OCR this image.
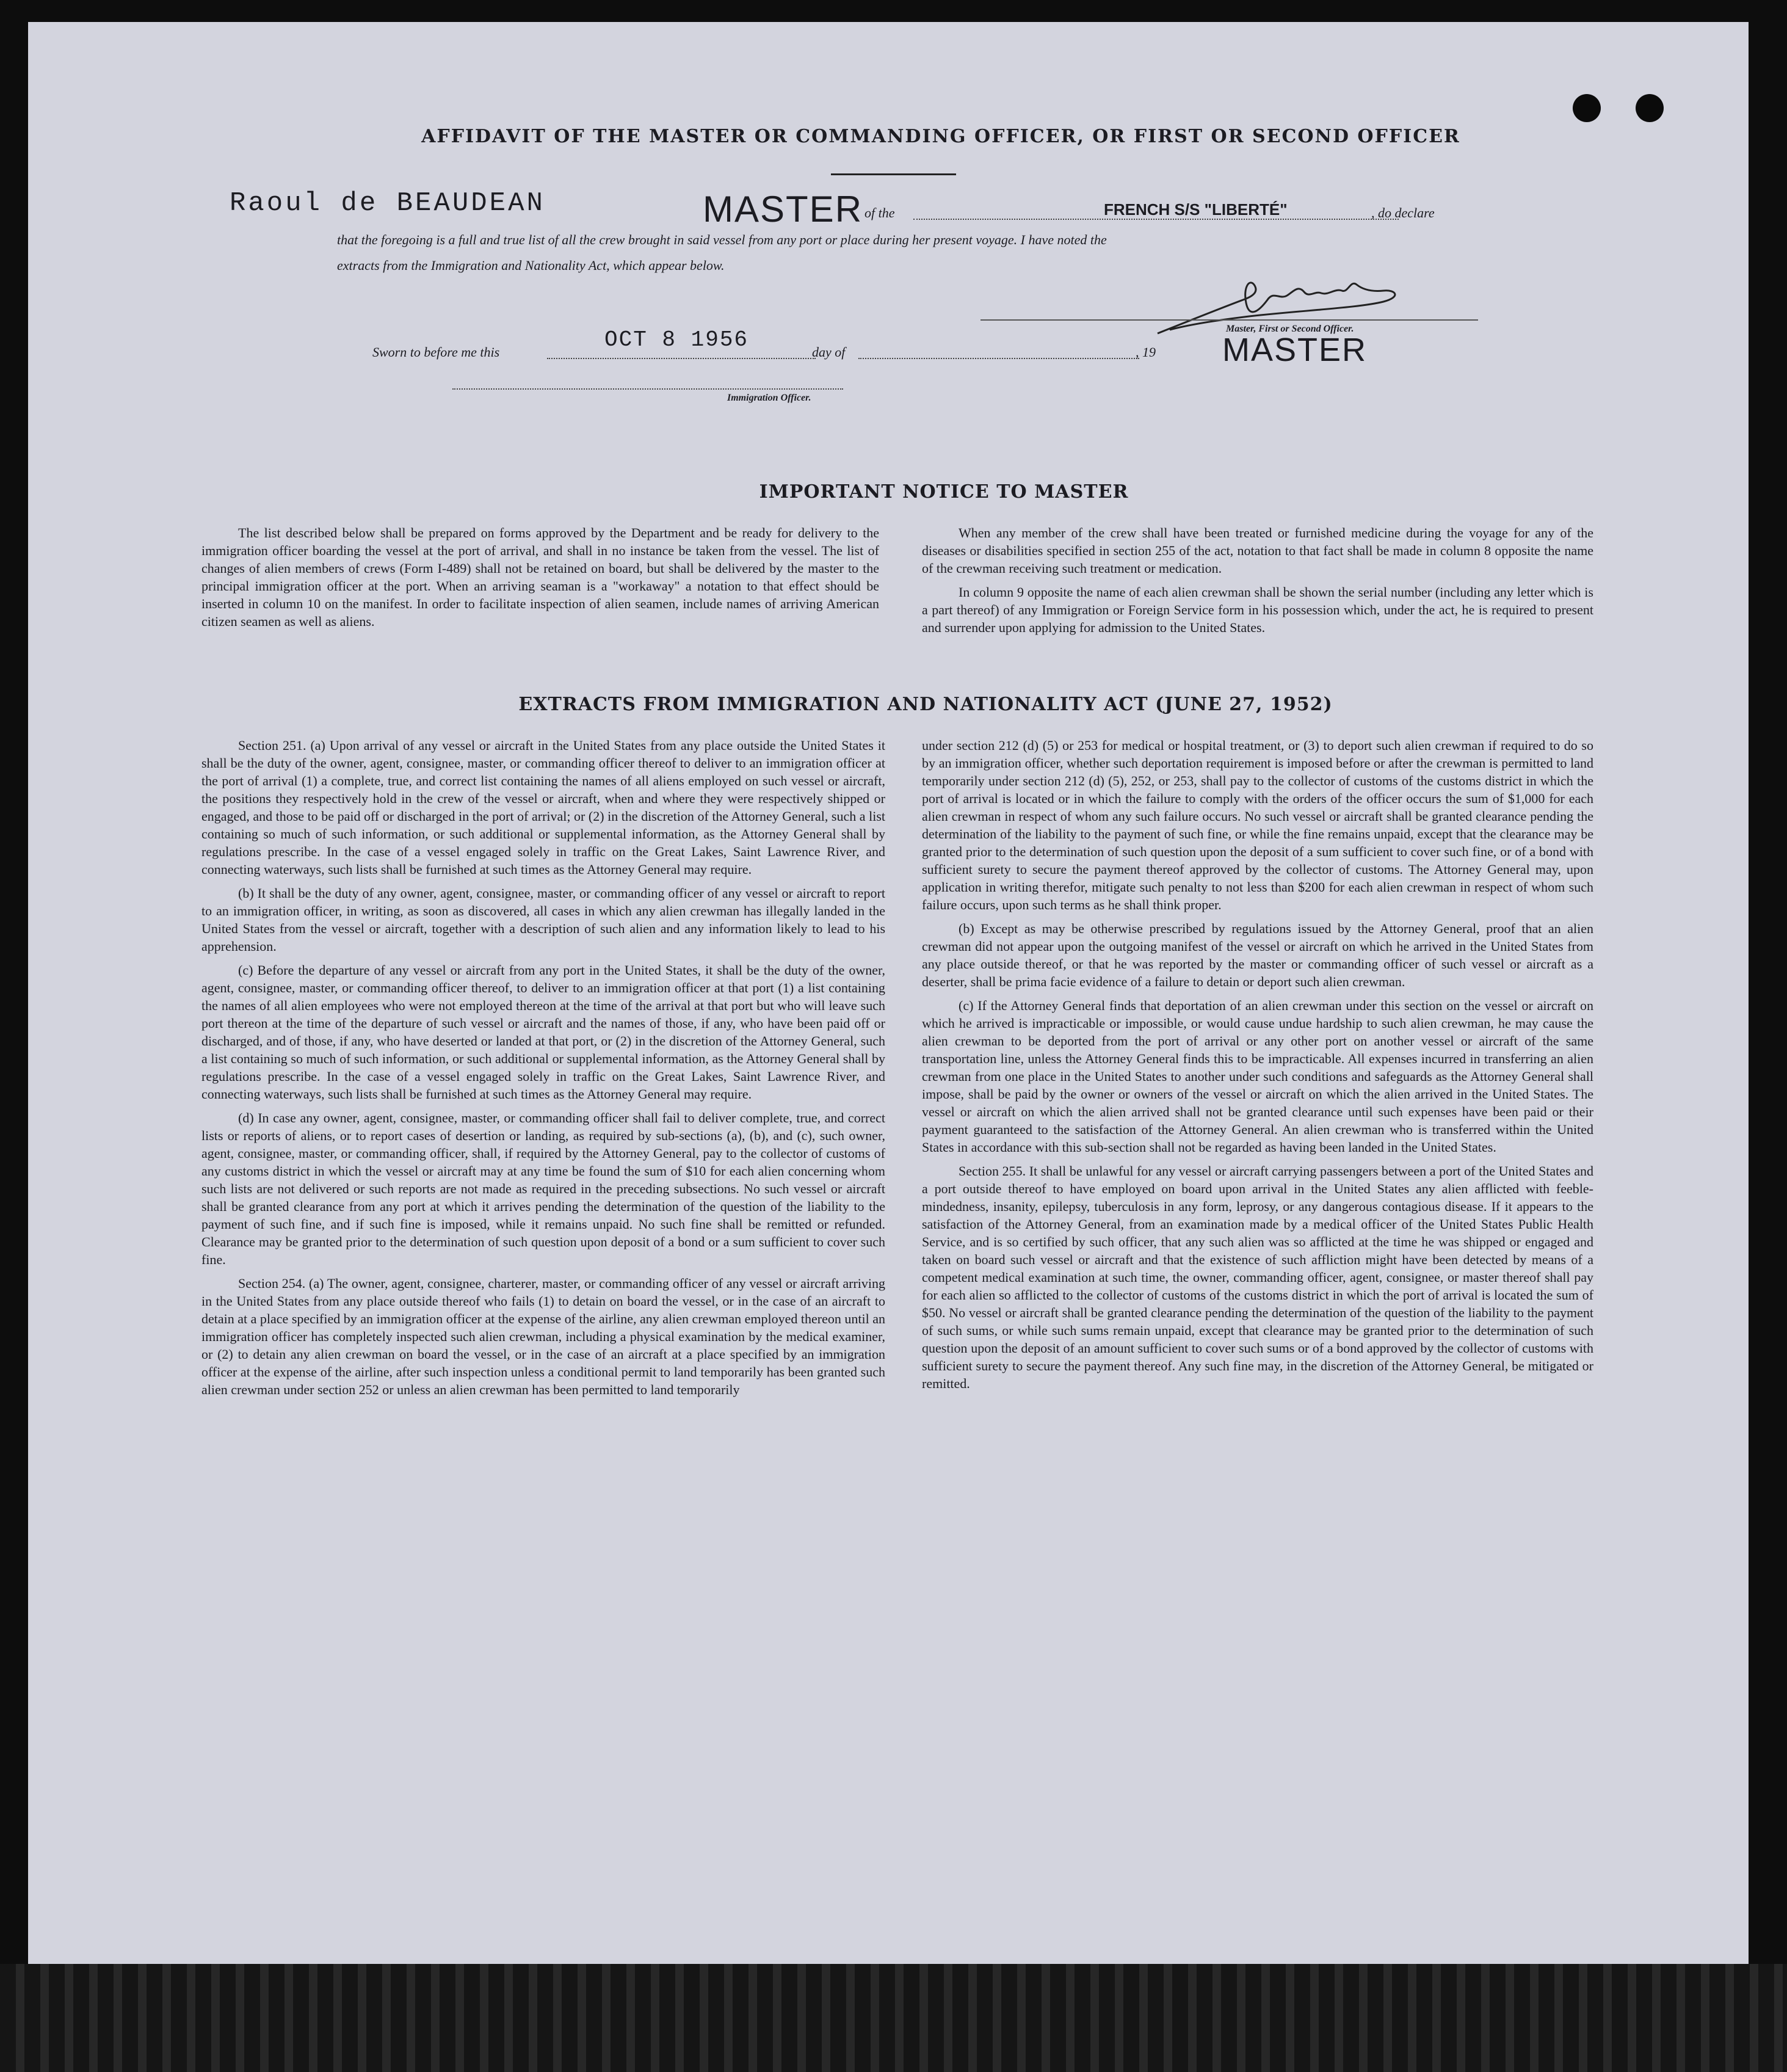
AFFIDAVIT OF THE MASTER OR COMMANDING OFFICER, OR FIRST OR SECOND OFFICER
Raoul de BEAUDEAN	MASTER of the	FRENCH S/S "LIBERTÉ"	, do declare
that the foregoing is a full and true list of all the crew brought in said vessel from any port or place during her present voyage. I have noted the
extracts from the Immigration and Nationality Act, which appear below.
Master, First or Second Officer.
MASTER
Sworn to before me this	OCT 8 1956	day of	, 19
Immigration Officer.
IMPORTANT NOTICE TO MASTER

The list described below shall be prepared on forms approved by the Department and be ready for delivery to the immigration officer boarding the vessel at the port of arrival, and shall in no instance be taken from the vessel. The list of changes of alien members of crews (Form I-489) shall not be retained on board, but shall be delivered by the master to the principal immigration officer at the port. When an arriving seaman is a "workaway" a notation to that effect should be inserted in column 10 on the manifest. In order to facilitate inspection of alien seamen, include names of arriving American citizen seamen as well as aliens.

When any member of the crew shall have been treated or furnished medicine during the voyage for any of the diseases or disabilities specified in section 255 of the act, notation to that fact shall be made in column 8 opposite the name of the crewman receiving such treatment or medication.

In column 9 opposite the name of each alien crewman shall be shown the serial number (including any letter which is a part thereof) of any Immigration or Foreign Service form in his possession which, under the act, he is required to present and surrender upon applying for admission to the United States.

EXTRACTS FROM IMMIGRATION AND NATIONALITY ACT (JUNE 27, 1952)

Section 251. (a) Upon arrival of any vessel or aircraft in the United States from any place outside the United States it shall be the duty of the owner, agent, consignee, master, or commanding officer thereof to deliver to an immigration officer at the port of arrival (1) a complete, true, and correct list containing the names of all aliens employed on such vessel or aircraft, the positions they respectively hold in the crew of the vessel or aircraft, when and where they were respectively shipped or engaged, and those to be paid off or discharged in the port of arrival; or (2) in the discretion of the Attorney General, such a list containing so much of such information, or such additional or supplemental information, as the Attorney General shall by regulations prescribe. In the case of a vessel engaged solely in traffic on the Great Lakes, Saint Lawrence River, and connecting waterways, such lists shall be furnished at such times as the Attorney General may require.

(b) It shall be the duty of any owner, agent, consignee, master, or commanding officer of any vessel or aircraft to report to an immigration officer, in writing, as soon as discovered, all cases in which any alien crewman has illegally landed in the United States from the vessel or aircraft, together with a description of such alien and any information likely to lead to his apprehension.

(c) Before the departure of any vessel or aircraft from any port in the United States, it shall be the duty of the owner, agent, consignee, master, or commanding officer thereof, to deliver to an immigration officer at that port (1) a list containing the names of all alien employees who were not employed thereon at the time of the arrival at that port but who will leave such port thereon at the time of the departure of such vessel or aircraft and the names of those, if any, who have been paid off or discharged, and of those, if any, who have deserted or landed at that port, or (2) in the discretion of the Attorney General, such a list containing so much of such information, or such additional or supplemental information, as the Attorney General shall by regulations prescribe. In the case of a vessel engaged solely in traffic on the Great Lakes, Saint Lawrence River, and connecting waterways, such lists shall be furnished at such times as the Attorney General may require.

(d) In case any owner, agent, consignee, master, or commanding officer shall fail to deliver complete, true, and correct lists or reports of aliens, or to report cases of desertion or landing, as required by sub-sections (a), (b), and (c), such owner, agent, consignee, master, or commanding officer, shall, if required by the Attorney General, pay to the collector of customs of any customs district in which the vessel or aircraft may at any time be found the sum of $10 for each alien concerning whom such lists are not delivered or such reports are not made as required in the preceding subsections. No such vessel or aircraft shall be granted clearance from any port at which it arrives pending the determination of the question of the liability to the payment of such fine, and if such fine is imposed, while it remains unpaid. No such fine shall be remitted or refunded. Clearance may be granted prior to the determination of such question upon deposit of a bond or a sum sufficient to cover such fine.

Section 254. (a) The owner, agent, consignee, charterer, master, or commanding officer of any vessel or aircraft arriving in the United States from any place outside thereof who fails (1) to detain on board the vessel, or in the case of an aircraft to detain at a place specified by an immigration officer at the expense of the airline, any alien crewman employed thereon until an immigration officer has completely inspected such alien crewman, including a physical examination by the medical examiner, or (2) to detain any alien crewman on board the vessel, or in the case of an aircraft at a place specified by an immigration officer at the expense of the airline, after such inspection unless a conditional permit to land temporarily has been granted such alien crewman under section 252 or unless an alien crewman has been permitted to land temporarily

under section 212 (d) (5) or 253 for medical or hospital treatment, or (3) to deport such alien crewman if required to do so by an immigration officer, whether such deportation requirement is imposed before or after the crewman is permitted to land temporarily under section 212 (d) (5), 252, or 253, shall pay to the collector of customs of the customs district in which the port of arrival is located or in which the failure to comply with the orders of the officer occurs the sum of $1,000 for each alien crewman in respect of whom any such failure occurs. No such vessel or aircraft shall be granted clearance pending the determination of the liability to the payment of such fine, or while the fine remains unpaid, except that the clearance may be granted prior to the determination of such question upon the deposit of a sum sufficient to cover such fine, or of a bond with sufficient surety to secure the payment thereof approved by the collector of customs. The Attorney General may, upon application in writing therefor, mitigate such penalty to not less than $200 for each alien crewman in respect of whom such failure occurs, upon such terms as he shall think proper.

(b) Except as may be otherwise prescribed by regulations issued by the Attorney General, proof that an alien crewman did not appear upon the outgoing manifest of the vessel or aircraft on which he arrived in the United States from any place outside thereof, or that he was reported by the master or commanding officer of such vessel or aircraft as a deserter, shall be prima facie evidence of a failure to detain or deport such alien crewman.

(c) If the Attorney General finds that deportation of an alien crewman under this section on the vessel or aircraft on which he arrived is impracticable or impossible, or would cause undue hardship to such alien crewman, he may cause the alien crewman to be deported from the port of arrival or any other port on another vessel or aircraft of the same transportation line, unless the Attorney General finds this to be impracticable. All expenses incurred in transferring an alien crewman from one place in the United States to another under such conditions and safeguards as the Attorney General shall impose, shall be paid by the owner or owners of the vessel or aircraft on which the alien arrived in the United States. The vessel or aircraft on which the alien arrived shall not be granted clearance until such expenses have been paid or their payment guaranteed to the satisfaction of the Attorney General. An alien crewman who is transferred within the United States in accordance with this sub-section shall not be regarded as having been landed in the United States.

Section 255. It shall be unlawful for any vessel or aircraft carrying passengers between a port of the United States and a port outside thereof to have employed on board upon arrival in the United States any alien afflicted with feeble-mindedness, insanity, epilepsy, tuberculosis in any form, leprosy, or any dangerous contagious disease. If it appears to the satisfaction of the Attorney General, from an examination made by a medical officer of the United States Public Health Service, and is so certified by such officer, that any such alien was so afflicted at the time he was shipped or engaged and taken on board such vessel or aircraft and that the existence of such affliction might have been detected by means of a competent medical examination at such time, the owner, commanding officer, agent, consignee, or master thereof shall pay for each alien so afflicted to the collector of customs of the customs district in which the port of arrival is located the sum of $50. No vessel or aircraft shall be granted clearance pending the determination of the question of the liability to the payment of such sums, or while such sums remain unpaid, except that clearance may be granted prior to the determination of such question upon the deposit of an amount sufficient to cover such sums or of a bond approved by the collector of customs with sufficient surety to secure the payment thereof. Any such fine may, in the discretion of the Attorney General, be mitigated or remitted.
